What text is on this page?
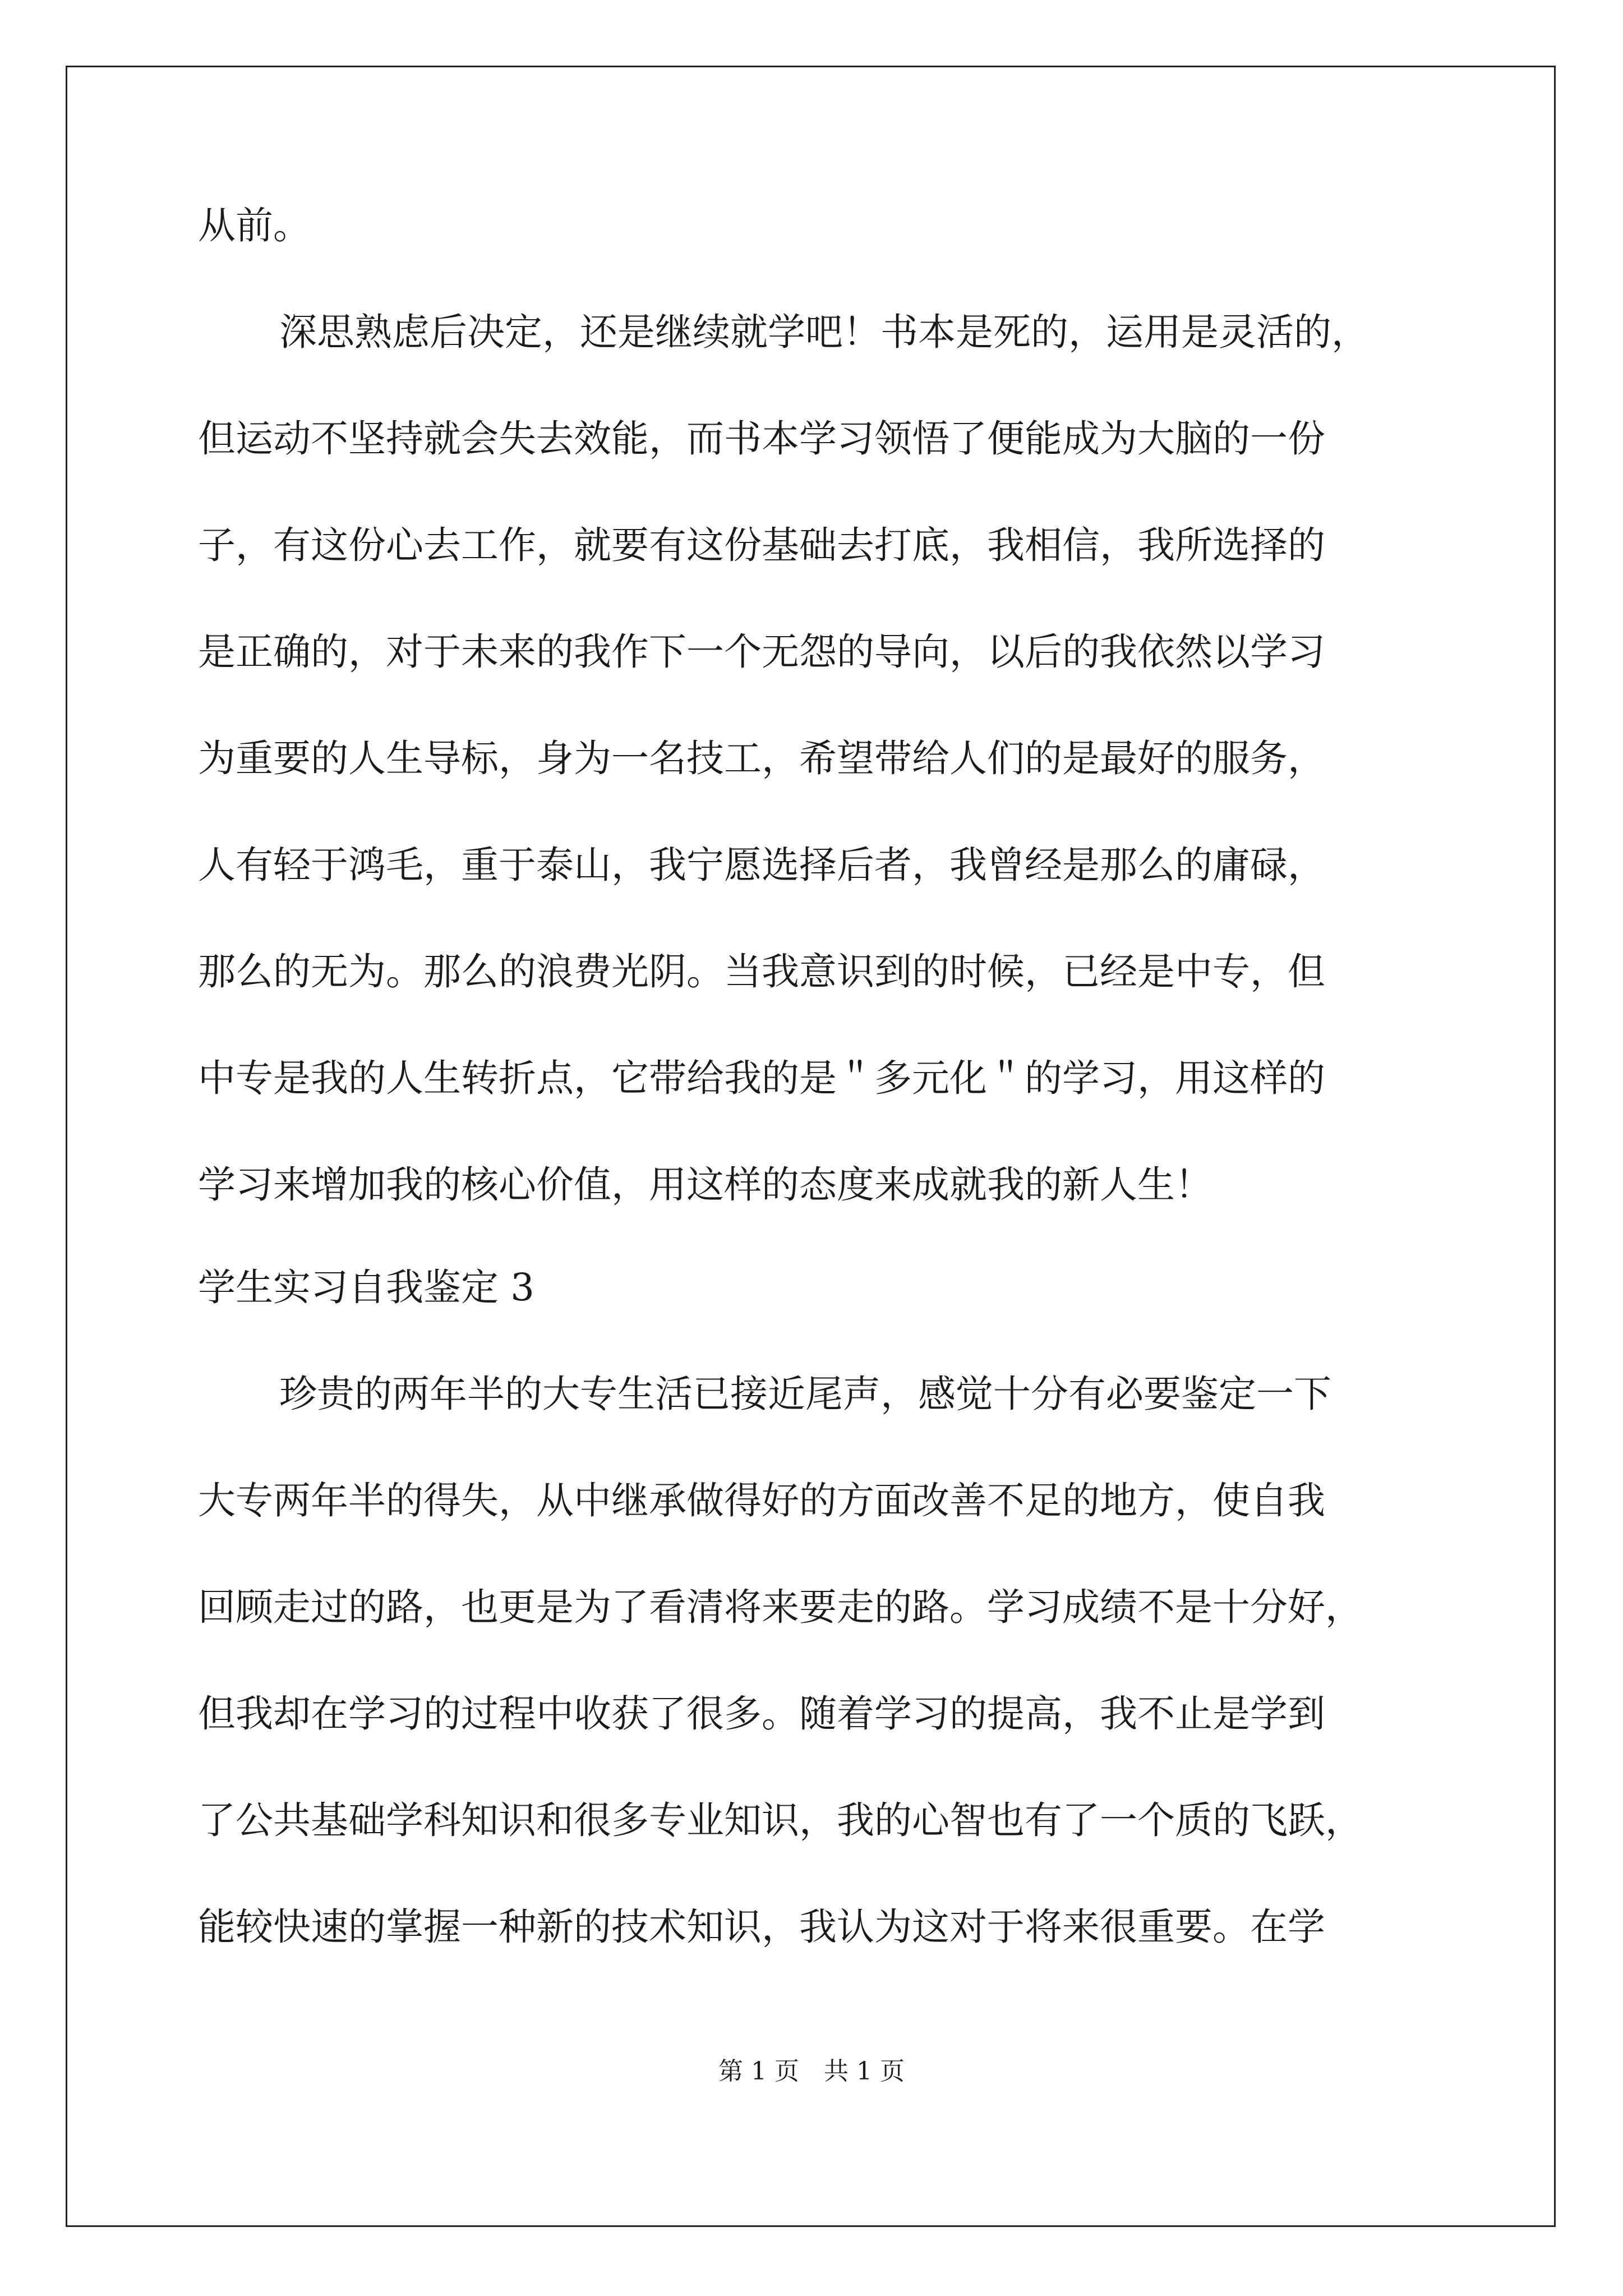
从前。
深思熟虑后决定，还是继续就学吧！书本是死的，运用是灵活的，
但运动不坚持就会失去效能，而书本学习领悟了便能成为大脑的一份
子，有这份心去工作，就要有这份基础去打底，我相信，我所选择的
是正确的，对于未来的我作下一个无怨的导向，以后的我依然以学习
为重要的人生导标，身为一名技工，希望带给人们的是最好的服务，
人有轻于鸿毛，重于泰山，我宁愿选择后者，我曾经是那么的庸碌，
那么的无为。那么的浪费光阴。当我意识到的时候，已经是中专，但
中专是我的人生转折点，它带给我的是＂多元化＂的学习，用这样的
学习来增加我的核心价值，用这样的态度来成就我的新人生！
学生实习自我鉴定 3
珍贵的两年半的大专生活已接近尾声，感觉十分有必要鉴定一下
大专两年半的得失，从中继承做得好的方面改善不足的地方，使自我
回顾走过的路，也更是为了看清将来要走的路。学习成绩不是十分好，
但我却在学习的过程中收获了很多。随着学习的提高，我不止是学到
了公共基础学科知识和很多专业知识，我的心智也有了一个质的飞跃，
能较快速的掌握一种新的技术知识，我认为这对于将来很重要。在学
第 1 页　共 1 页
